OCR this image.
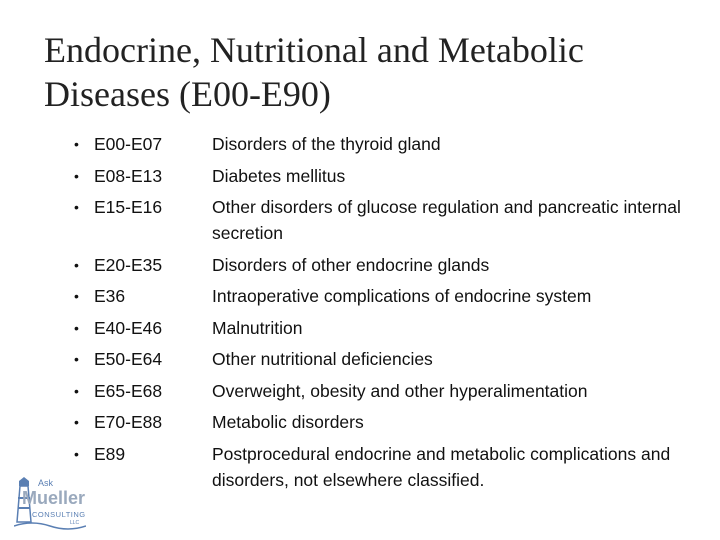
Endocrine, Nutritional and Metabolic Diseases (E00-E90)
• E00-E07
• E08-E13
• E15-E16
• E20-E35
• E36
• E40-E46
• E50-E64
• E65-E68
• E70-E88
• E89
Disorders of the thyroid gland
Diabetes mellitus
Other disorders of glucose regulation and pancreatic internal secretion
Disorders of other endocrine glands
Intraoperative complications of endocrine system
Malnutrition
Other nutritional deficiencies
Overweight, obesity and other hyperalimentation
Metabolic disorders
Postprocedural endocrine and metabolic complications and disorders, not elsewhere classified.
Ask
Mueller
CONSULTING
LLC
